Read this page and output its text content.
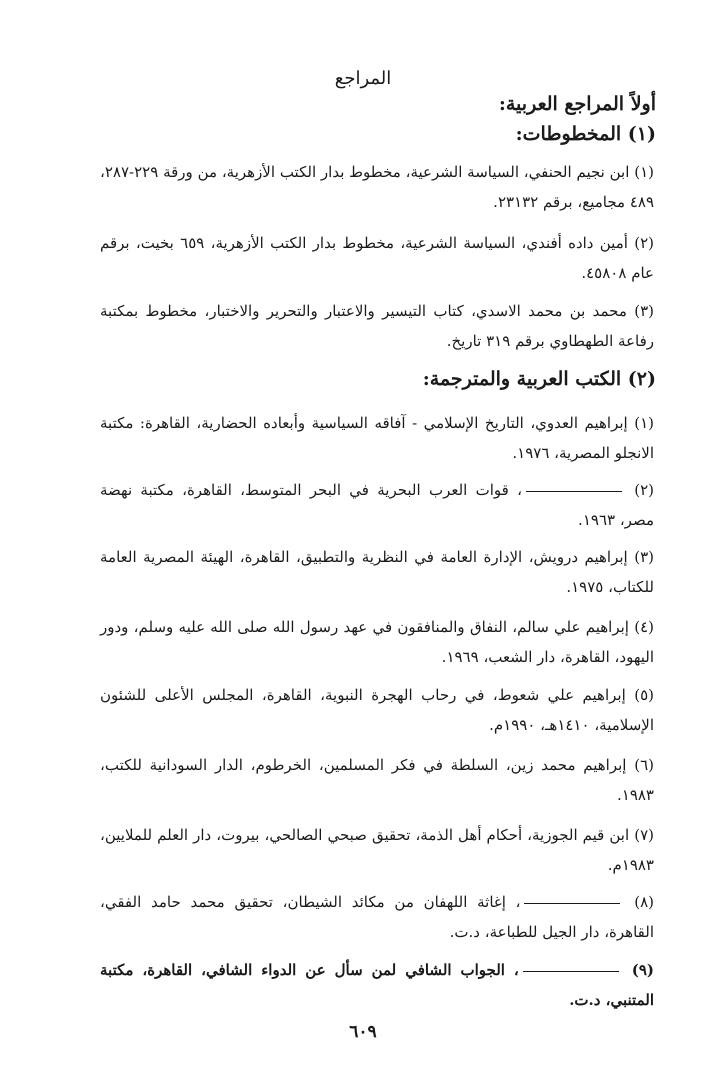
المراجع
أولاً المراجع العربية:
(١) المخطوطات:
(١) ابن نجيم الحنفي، السياسة الشرعية، مخطوط بدار الكتب الأزهرية، من ورقة ٢٢٩-٢٨٧، ٤٨٩ مجاميع، برقم ٢٣١٣٢.
(٢) أمين داده أفندي، السياسة الشرعية، مخطوط بدار الكتب الأزهرية، ٦٥٩ بخيت، برقم عام ٤٥٨٠٨.
(٣) محمد بن محمد الاسدي، كتاب التيسير والاعتبار والتحرير والاختبار، مخطوط بمكتبة رفاعة الطهطاوي برقم ٣١٩ تاريخ.
(٢) الكتب العربية والمترجمة:
(١) إبراهيم العدوي، التاريخ الإسلامي - آفاقه السياسية وأبعاده الحضارية، القاهرة: مكتبة الانجلو المصرية، ١٩٧٦.
(٢) ، قوات العرب البحرية في البحر المتوسط، القاهرة، مكتبة نهضة مصر، ١٩٦٣.
(٣) إبراهيم درويش، الإدارة العامة في النظرية والتطبيق، القاهرة، الهيئة المصرية العامة للكتاب، ١٩٧٥.
(٤) إبراهيم علي سالم، النفاق والمنافقون في عهد رسول الله صلى الله عليه وسلم، ودور اليهود، القاهرة، دار الشعب، ١٩٦٩.
(٥) إبراهيم علي شعوط، في رحاب الهجرة النبوية، القاهرة، المجلس الأعلى للشئون الإسلامية، ١٤١٠هـ، ١٩٩٠م.
(٦) إبراهيم محمد زين، السلطة في فكر المسلمين، الخرطوم، الدار السودانية للكتب، ١٩٨٣.
(٧) ابن قيم الجوزية، أحكام أهل الذمة، تحقيق صبحي الصالحي، بيروت، دار العلم للملايين، ١٩٨٣م.
(٨) ، إغاثة اللهفان من مكائد الشيطان، تحقيق محمد حامد الفقي، القاهرة، دار الجيل للطباعة، د.ت.
(٩) ، الجواب الشافي لمن سأل عن الدواء الشافي، القاهرة، مكتبة المتنبي، د.ت.
٦٠٩
